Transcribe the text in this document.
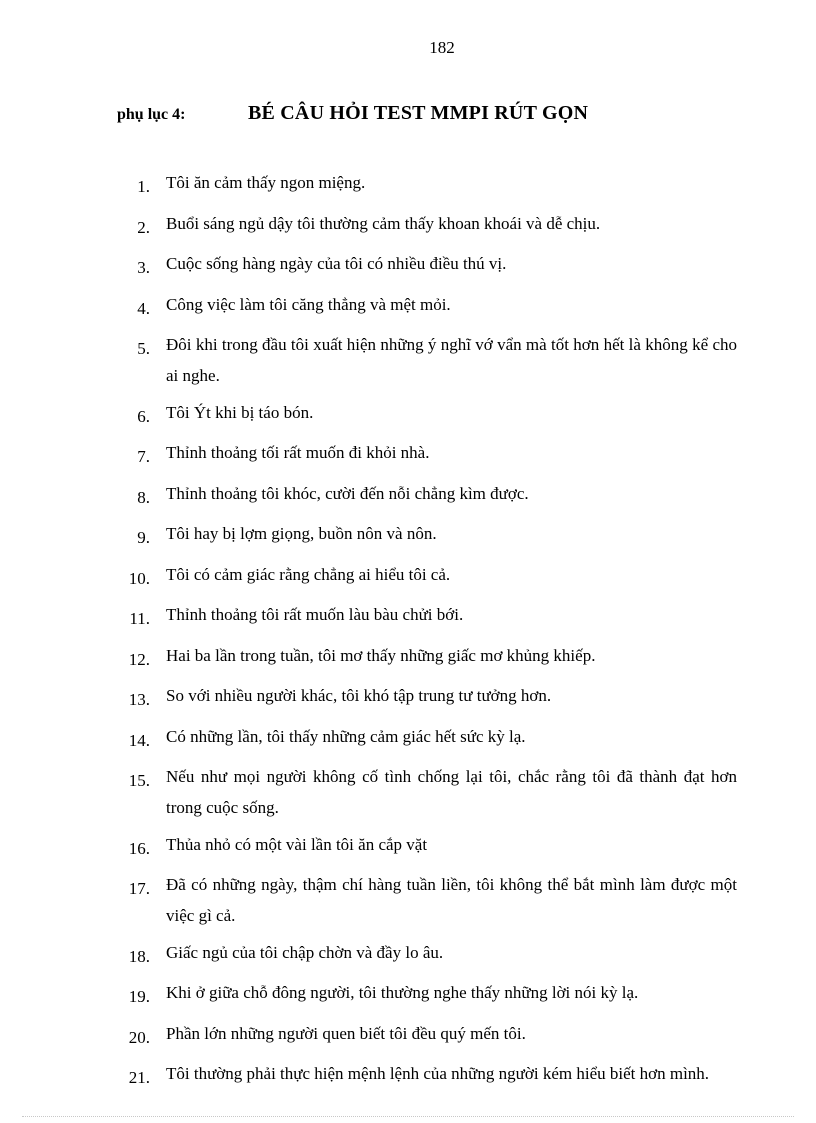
182
phụ lục 4:	BÉ CÂU HỎI TEST MMPI RÚT GỌN
1. Tôi ăn cảm thấy ngon miệng.
2. Buổi sáng ngủ dậy tôi thường cảm thấy khoan khoái và dễ chịu.
3. Cuộc sống hàng ngày của tôi có nhiều điều thú vị.
4. Công việc làm tôi căng thẳng và mệt mỏi.
5. Đôi khi trong đầu tôi xuất hiện những ý nghĩ vớ vẩn mà tốt hơn hết là không kể cho ai nghe.
6. Tôi Ýt khi bị táo bón.
7. Thỉnh thoảng tối rất muốn đi khỏi nhà.
8. Thỉnh thoảng tôi khóc, cười đến nỗi chẳng kìm được.
9. Tôi hay bị lợm giọng, buồn nôn và nôn.
10. Tôi có cảm giác rằng chẳng ai hiểu tôi cả.
11. Thỉnh thoảng tôi rất muốn làu bàu chửi bới.
12. Hai ba lần trong tuần, tôi mơ thấy những giấc mơ khủng khiếp.
13. So với nhiều người khác, tôi khó tập trung tư tưởng hơn.
14. Có những lần, tôi thấy những cảm giác hết sức kỳ lạ.
15. Nếu như mọi người không cố tình chống lại tôi, chắc rằng tôi đã thành đạt hơn trong cuộc sống.
16. Thủa nhỏ có một vài lần tôi ăn cắp vặt
17. Đã có những ngày, thậm chí hàng tuần liền, tôi không thể bắt mình làm được một việc gì cả.
18. Giấc ngủ của tôi chập chờn và đầy lo âu.
19. Khi ở giữa chỗ đông người, tôi thường nghe thấy những lời nói kỳ lạ.
20. Phần lớn những người quen biết tôi đều quý mến tôi.
21. Tôi thường phải thực hiện mệnh lệnh của những người kém hiểu biết hơn mình.
